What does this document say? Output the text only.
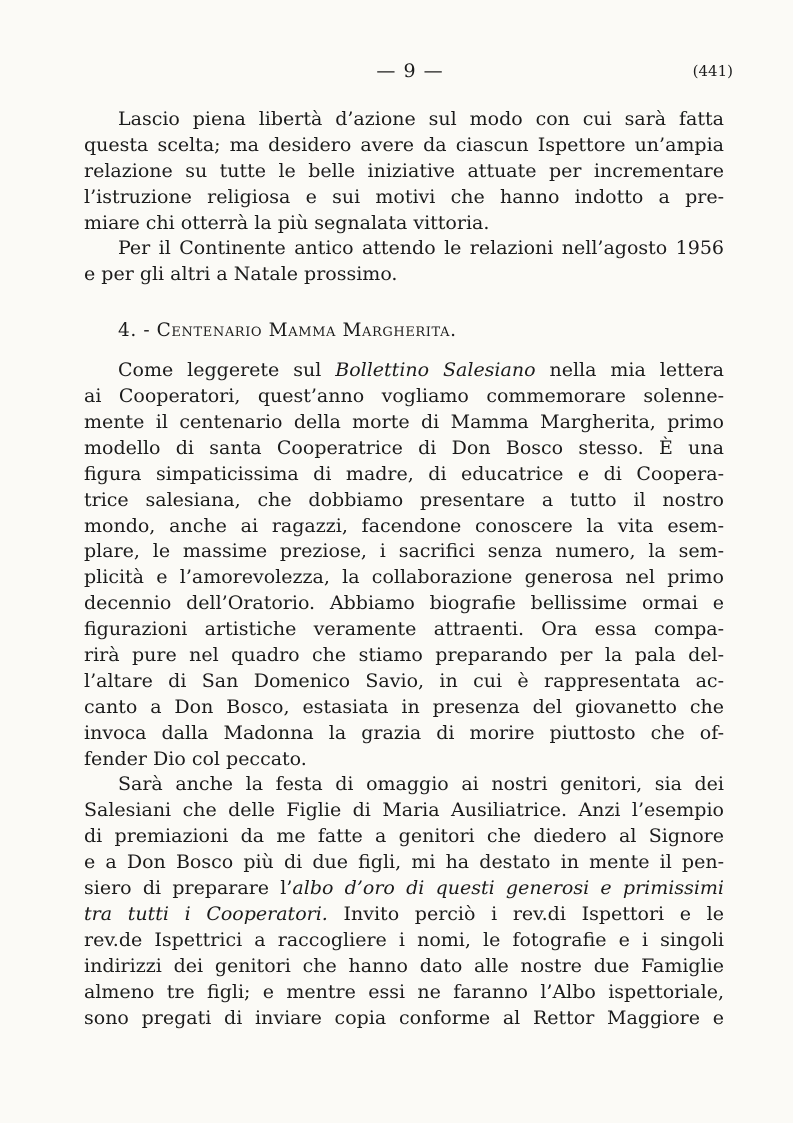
— 9 —	(441)
Lascio piena libertà d’azione sul modo con cui sarà fatta
questa scelta; ma desidero avere da ciascun Ispettore un’ampia
relazione su tutte le belle iniziative attuate per incrementare
l’istruzione religiosa e sui motivi che hanno indotto a pre-
miare chi otterrà la più segnalata vittoria.
Per il Continente antico attendo le relazioni nell’agosto 1956
e per gli altri a Natale prossimo.
4. - Centenario Mamma Margherita.
Come leggerete sul Bollettino Salesiano nella mia lettera
ai Cooperatori, quest’anno vogliamo commemorare solenne-
mente il centenario della morte di Mamma Margherita, primo
modello di santa Cooperatrice di Don Bosco stesso. È una
figura simpaticissima di madre, di educatrice e di Coopera-
trice salesiana, che dobbiamo presentare a tutto il nostro
mondo, anche ai ragazzi, facendone conoscere la vita esem-
plare, le massime preziose, i sacrifici senza numero, la sem-
plicità e l’amorevolezza, la collaborazione generosa nel primo
decennio dell’Oratorio. Abbiamo biografie bellissime ormai e
figurazioni artistiche veramente attraenti. Ora essa compa-
rirà pure nel quadro che stiamo preparando per la pala del-
l’altare di San Domenico Savio, in cui è rappresentata ac-
canto a Don Bosco, estasiata in presenza del giovanetto che
invoca dalla Madonna la grazia di morire piuttosto che of-
fender Dio col peccato.
Sarà anche la festa di omaggio ai nostri genitori, sia dei
Salesiani che delle Figlie di Maria Ausiliatrice. Anzi l’esempio
di premiazioni da me fatte a genitori che diedero al Signore
e a Don Bosco più di due figli, mi ha destato in mente il pen-
siero di preparare l’albo d’oro di questi generosi e primissimi
tra tutti i Cooperatori. Invito perciò i rev.di Ispettori e le
rev.de Ispettrici a raccogliere i nomi, le fotografie e i singoli
indirizzi dei genitori che hanno dato alle nostre due Famiglie
almeno tre figli; e mentre essi ne faranno l’Albo ispettoriale,
sono pregati di inviare copia conforme al Rettor Maggiore e
